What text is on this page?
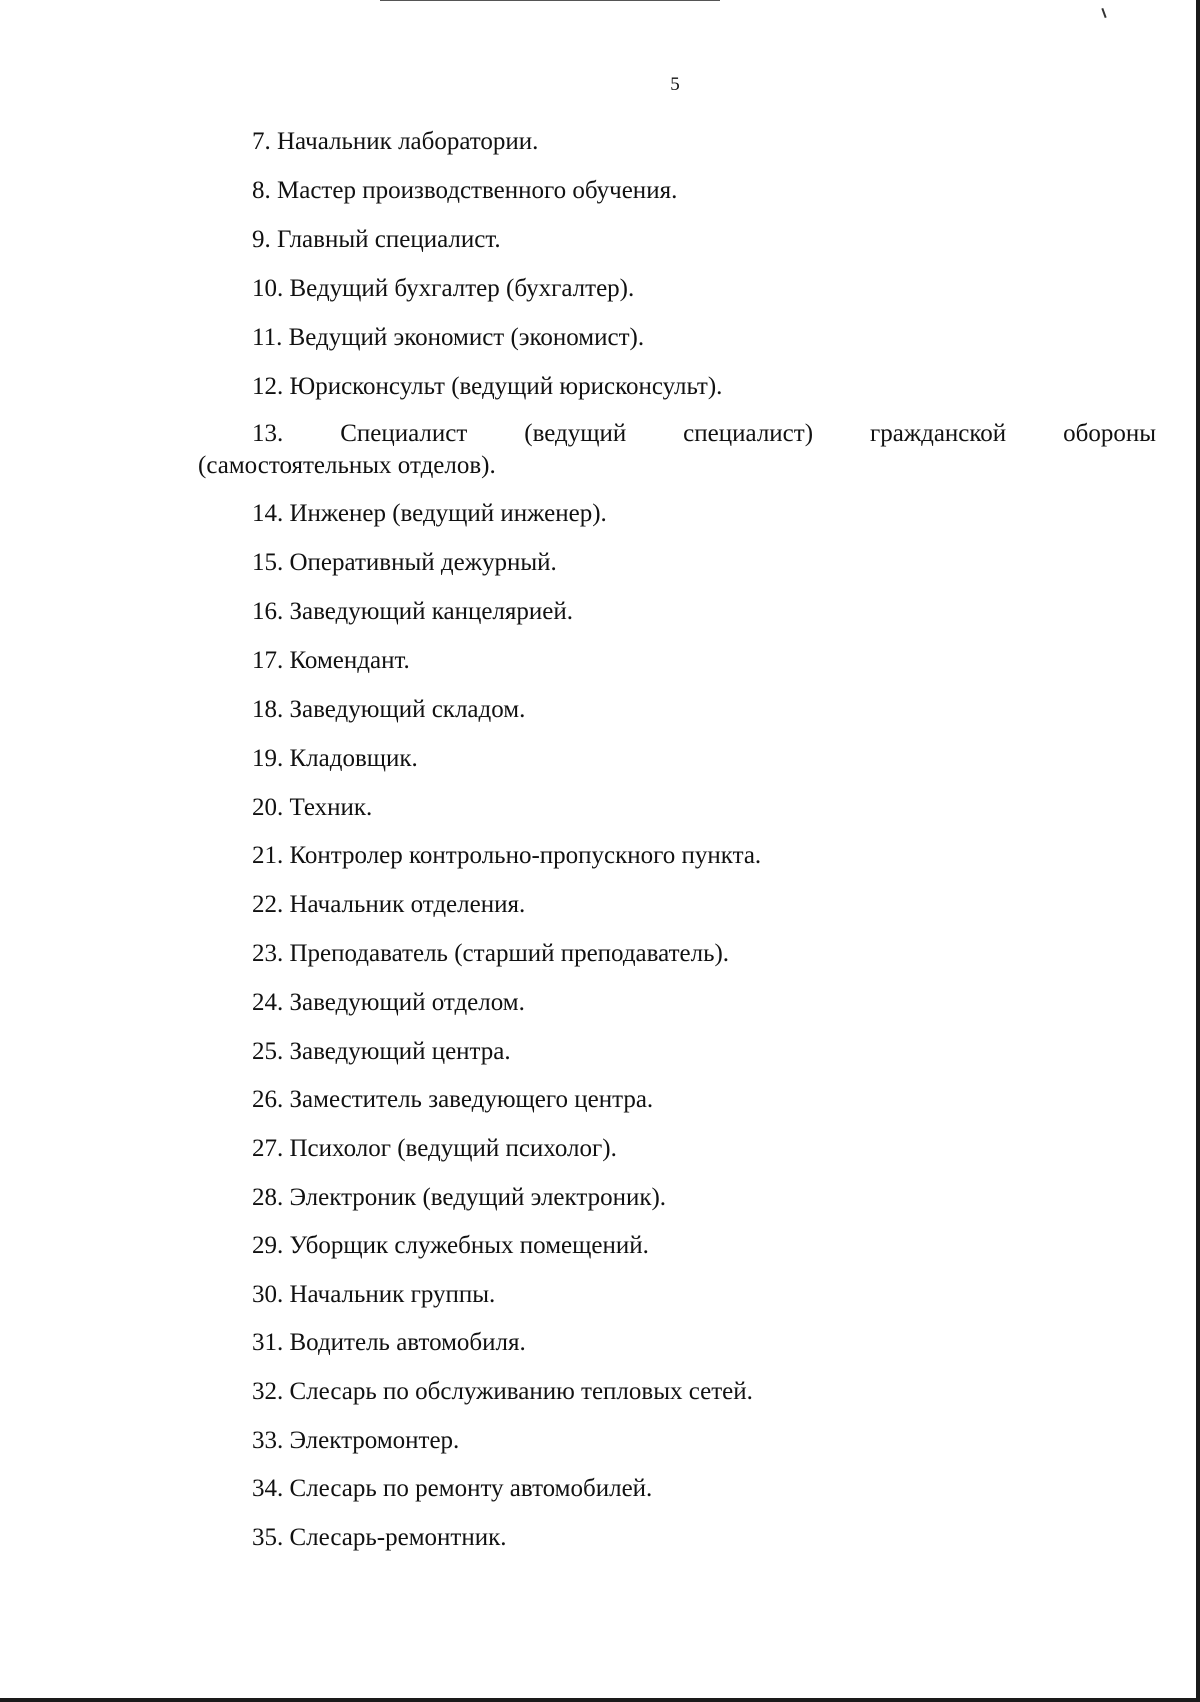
5
7. Начальник лаборатории.
8. Мастер производственного обучения.
9. Главный специалист.
10. Ведущий бухгалтер (бухгалтер).
11. Ведущий экономист (экономист).
12. Юрисконсульт (ведущий юрисконсульт).
13. Специалист (ведущий специалист) гражданской обороны
(самостоятельных отделов).
14. Инженер (ведущий инженер).
15. Оперативный дежурный.
16. Заведующий канцелярией.
17. Комендант.
18. Заведующий складом.
19. Кладовщик.
20. Техник.
21. Контролер контрольно-пропускного пункта.
22. Начальник отделения.
23. Преподаватель (старший преподаватель).
24. Заведующий отделом.
25. Заведующий центра.
26. Заместитель заведующего центра.
27. Психолог (ведущий психолог).
28. Электроник (ведущий электроник).
29. Уборщик служебных помещений.
30. Начальник группы.
31. Водитель автомобиля.
32. Слесарь по обслуживанию тепловых сетей.
33. Электромонтер.
34. Слесарь по ремонту автомобилей.
35. Слесарь-ремонтник.
